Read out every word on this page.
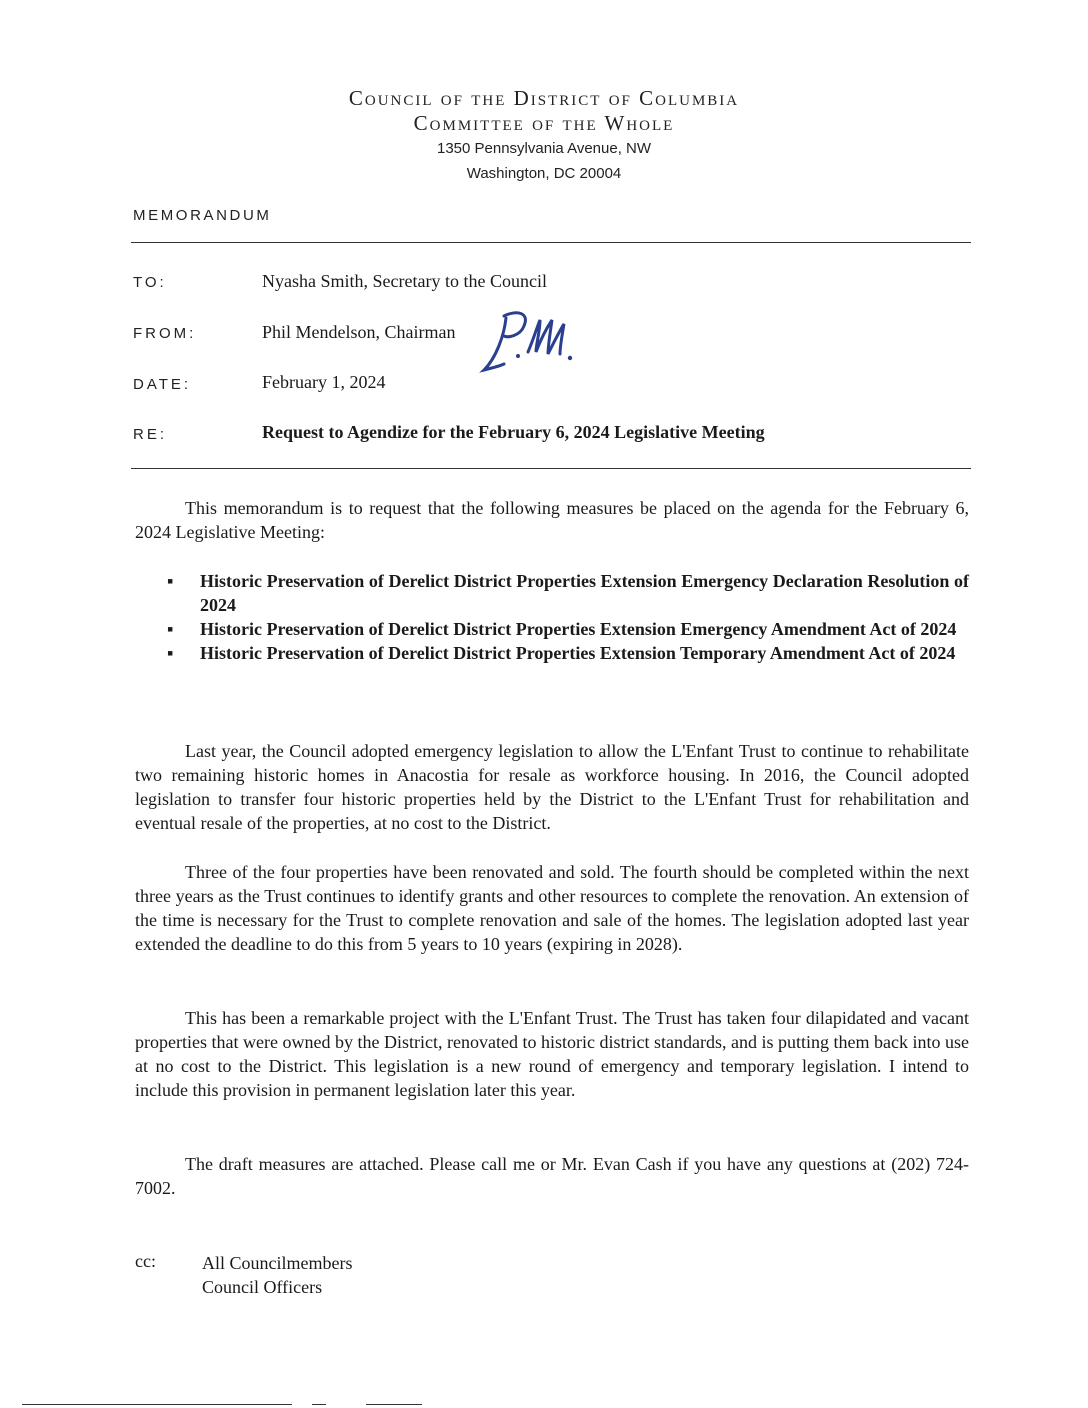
Council of the District of Columbia
Committee of the Whole
1350 Pennsylvania Avenue, NW
Washington, DC 20004
MEMORANDUM
TO:	Nyasha Smith, Secretary to the Council
FROM:	Phil Mendelson, Chairman
DATE:	February 1, 2024
RE:	Request to Agendize for the February 6, 2024 Legislative Meeting

This memorandum is to request that the following measures be placed on the agenda for the February 6, 2024 Legislative Meeting:

▪ Historic Preservation of Derelict District Properties Extension Emergency Declaration Resolution of 2024
▪ Historic Preservation of Derelict District Properties Extension Emergency Amendment Act of 2024
▪ Historic Preservation of Derelict District Properties Extension Temporary Amendment Act of 2024

Last year, the Council adopted emergency legislation to allow the L'Enfant Trust to continue to rehabilitate two remaining historic homes in Anacostia for resale as workforce housing. In 2016, the Council adopted legislation to transfer four historic properties held by the District to the L'Enfant Trust for rehabilitation and eventual resale of the properties, at no cost to the District.

Three of the four properties have been renovated and sold. The fourth should be completed within the next three years as the Trust continues to identify grants and other resources to complete the renovation. An extension of the time is necessary for the Trust to complete renovation and sale of the homes. The legislation adopted last year extended the deadline to do this from 5 years to 10 years (expiring in 2028).

This has been a remarkable project with the L'Enfant Trust. The Trust has taken four dilapidated and vacant properties that were owned by the District, renovated to historic district standards, and is putting them back into use at no cost to the District. This legislation is a new round of emergency and temporary legislation. I intend to include this provision in permanent legislation later this year.

The draft measures are attached. Please call me or Mr. Evan Cash if you have any questions at (202) 724-7002.

cc:	All Councilmembers
Council Officers
